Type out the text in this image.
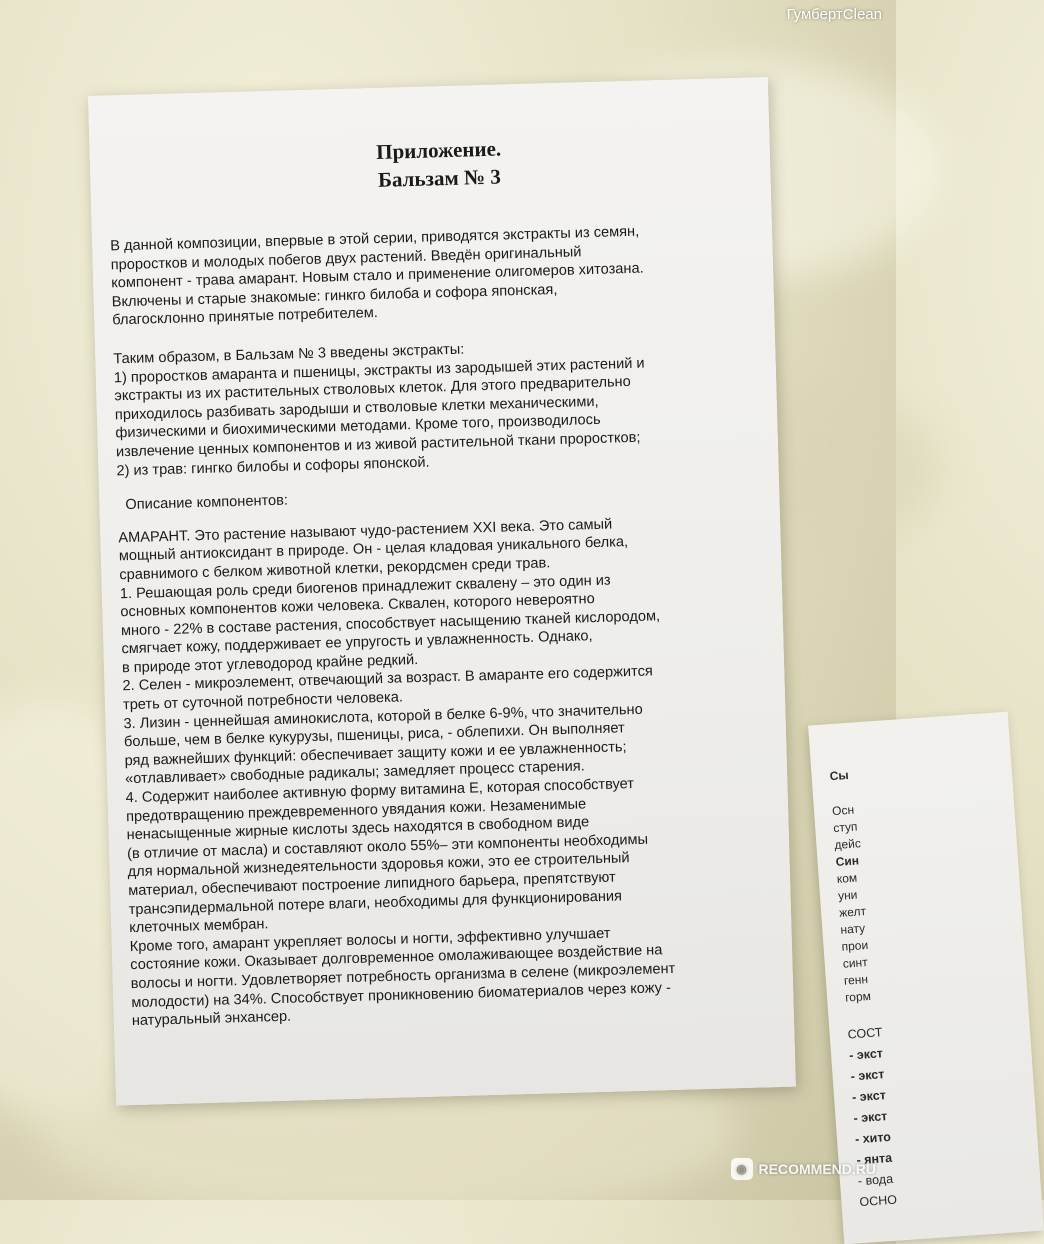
ГумбертClean
Приложение.
Бальзам № 3
В данной композиции, впервые в этой серии, приводятся экстракты из семян,
проростков и молодых побегов двух растений. Введён оригинальный
компонент - трава амарант. Новым стало и применение олигомеров хитозана.
Включены и старые знакомые: гинкго билоба и софора японская,
благосклонно принятые потребителем.
Таким образом, в Бальзам № 3 введены экстракты:
1) проростков амаранта и пшеницы, экстракты из зародышей этих растений и
экстракты из их растительных стволовых клеток. Для этого предварительно
приходилось разбивать зародыши и стволовые клетки механическими,
физическими и биохимическими методами. Кроме того, производилось
извлечение ценных компонентов и из живой растительной ткани проростков;
2) из трав: гингко билобы и софоры японской.
Описание компонентов:
АМАРАНТ. Это растение называют чудо-растением XXI века. Это самый
мощный антиоксидант в природе. Он - целая кладовая уникального белка,
сравнимого с белком животной клетки, рекордсмен среди трав.
1. Решающая роль среди биогенов принадлежит сквалену – это один из
основных компонентов кожи человека. Сквален, которого невероятно
много - 22% в составе растения, способствует насыщению тканей кислородом,
смягчает кожу, поддерживает ее упругость и увлажненность. Однако,
в природе этот углеводород крайне редкий.
2. Селен - микроэлемент, отвечающий за возраст. В амаранте его содержится
треть от суточной потребности человека.
3. Лизин - ценнейшая аминокислота, которой в белке 6-9%, что значительно
больше, чем в белке кукурузы, пшеницы, риса, - облепихи. Он выполняет
ряд важнейших функций: обеспечивает защиту кожи и ее увлажненность;
«отлавливает» свободные радикалы; замедляет процесс старения.
4. Содержит наиболее активную форму витамина Е, которая способствует
предотвращению преждевременного увядания кожи. Незаменимые
ненасыщенные жирные кислоты здесь находятся в свободном виде
(в отличие от масла) и составляют около 55%– эти компоненты необходимы
для нормальной жизнедеятельности здоровья кожи, это ее строительный
материал, обеспечивают построение липидного барьера, препятствуют
трансэпидермальной потере влаги, необходимы для функционирования
клеточных мембран.
Кроме того, амарант укрепляет волосы и ногти, эффективно улучшает
состояние кожи. Оказывает долговременное омолаживающее воздействие на
волосы и ногти. Удовлетворяет потребность организма в селене (микроэлемент
молодости) на 34%. Способствует проникновению биоматериалов через кожу -
натуральный энхансер.
Сы
Осн
ступ
дейс
Син
ком
уни
желт
нату
прои
синт
генн
горм
СОСТ
- экст
- экст
- экст
- экст
- хито
- янта
- вода
ОСНО
◉ RECOMMEND.RU
